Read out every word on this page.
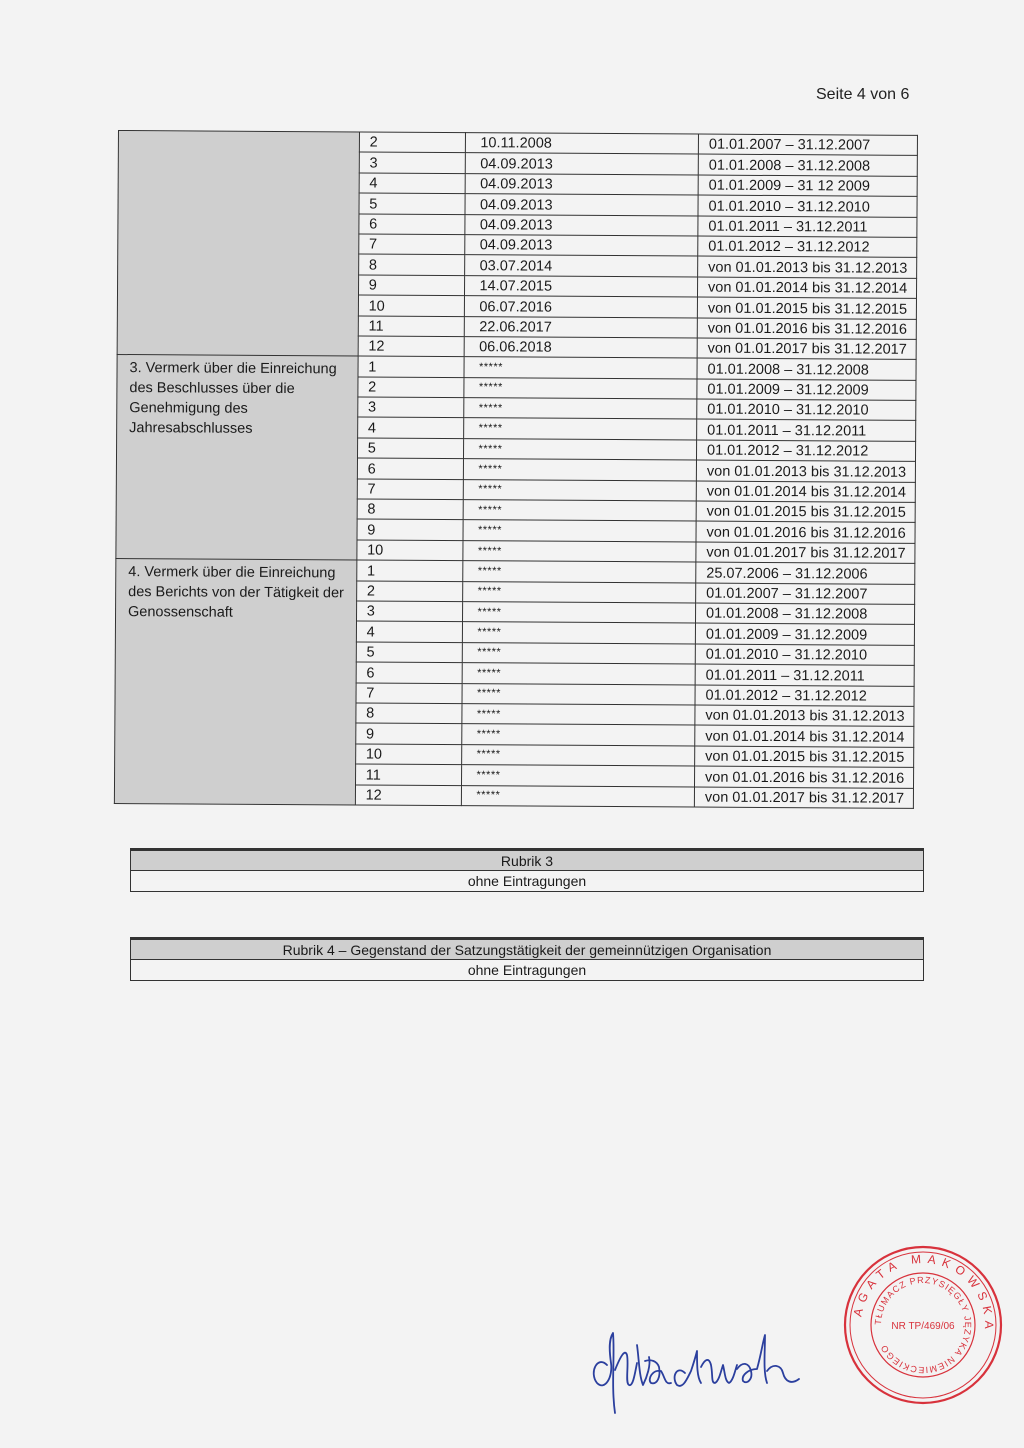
Seite 4 von 6
	2	10.11.2008	01.01.2007 – 31.12.2007
	3	04.09.2013	01.01.2008 – 31.12.2008
	4	04.09.2013	01.01.2009 – 31 12 2009
	5	04.09.2013	01.01.2010 – 31.12.2010
	6	04.09.2013	01.01.2011 – 31.12.2011
	7	04.09.2013	01.01.2012 – 31.12.2012
	8	03.07.2014	von 01.01.2013 bis 31.12.2013
	9	14.07.2015	von 01.01.2014 bis 31.12.2014
	10	06.07.2016	von 01.01.2015 bis 31.12.2015
	11	22.06.2017	von 01.01.2016 bis 31.12.2016
	12	06.06.2018	von 01.01.2017 bis 31.12.2017
3. Vermerk über die Einreichung des Beschlusses über die Genehmigung des Jahresabschlusses	1	*****	01.01.2008 – 31.12.2008
	2	*****	01.01.2009 – 31.12.2009
	3	*****	01.01.2010 – 31.12.2010
	4	*****	01.01.2011 – 31.12.2011
	5	*****	01.01.2012 – 31.12.2012
	6	*****	von 01.01.2013 bis 31.12.2013
	7	*****	von 01.01.2014 bis 31.12.2014
	8	*****	von 01.01.2015 bis 31.12.2015
	9	*****	von 01.01.2016 bis 31.12.2016
	10	*****	von 01.01.2017 bis 31.12.2017
4. Vermerk über die Einreichung des Berichts von der Tätigkeit der Genossenschaft	1	*****	25.07.2006 – 31.12.2006
	2	*****	01.01.2007 – 31.12.2007
	3	*****	01.01.2008 – 31.12.2008
	4	*****	01.01.2009 – 31.12.2009
	5	*****	01.01.2010 – 31.12.2010
	6	*****	01.01.2011 – 31.12.2011
	7	*****	01.01.2012 – 31.12.2012
	8	*****	von 01.01.2013 bis 31.12.2013
	9	*****	von 01.01.2014 bis 31.12.2014
	10	*****	von 01.01.2015 bis 31.12.2015
	11	*****	von 01.01.2016 bis 31.12.2016
	12	*****	von 01.01.2017 bis 31.12.2017
Rubrik 3
ohne Eintragungen
Rubrik 4 – Gegenstand der Satzungstätigkeit der gemeinnützigen Organisation
ohne Eintragungen
AGATA MAKOWSKA
TŁUMACZ PRZYSIĘGŁY JĘZYKA NIEMIECKIEGO
NR TP/469/06
